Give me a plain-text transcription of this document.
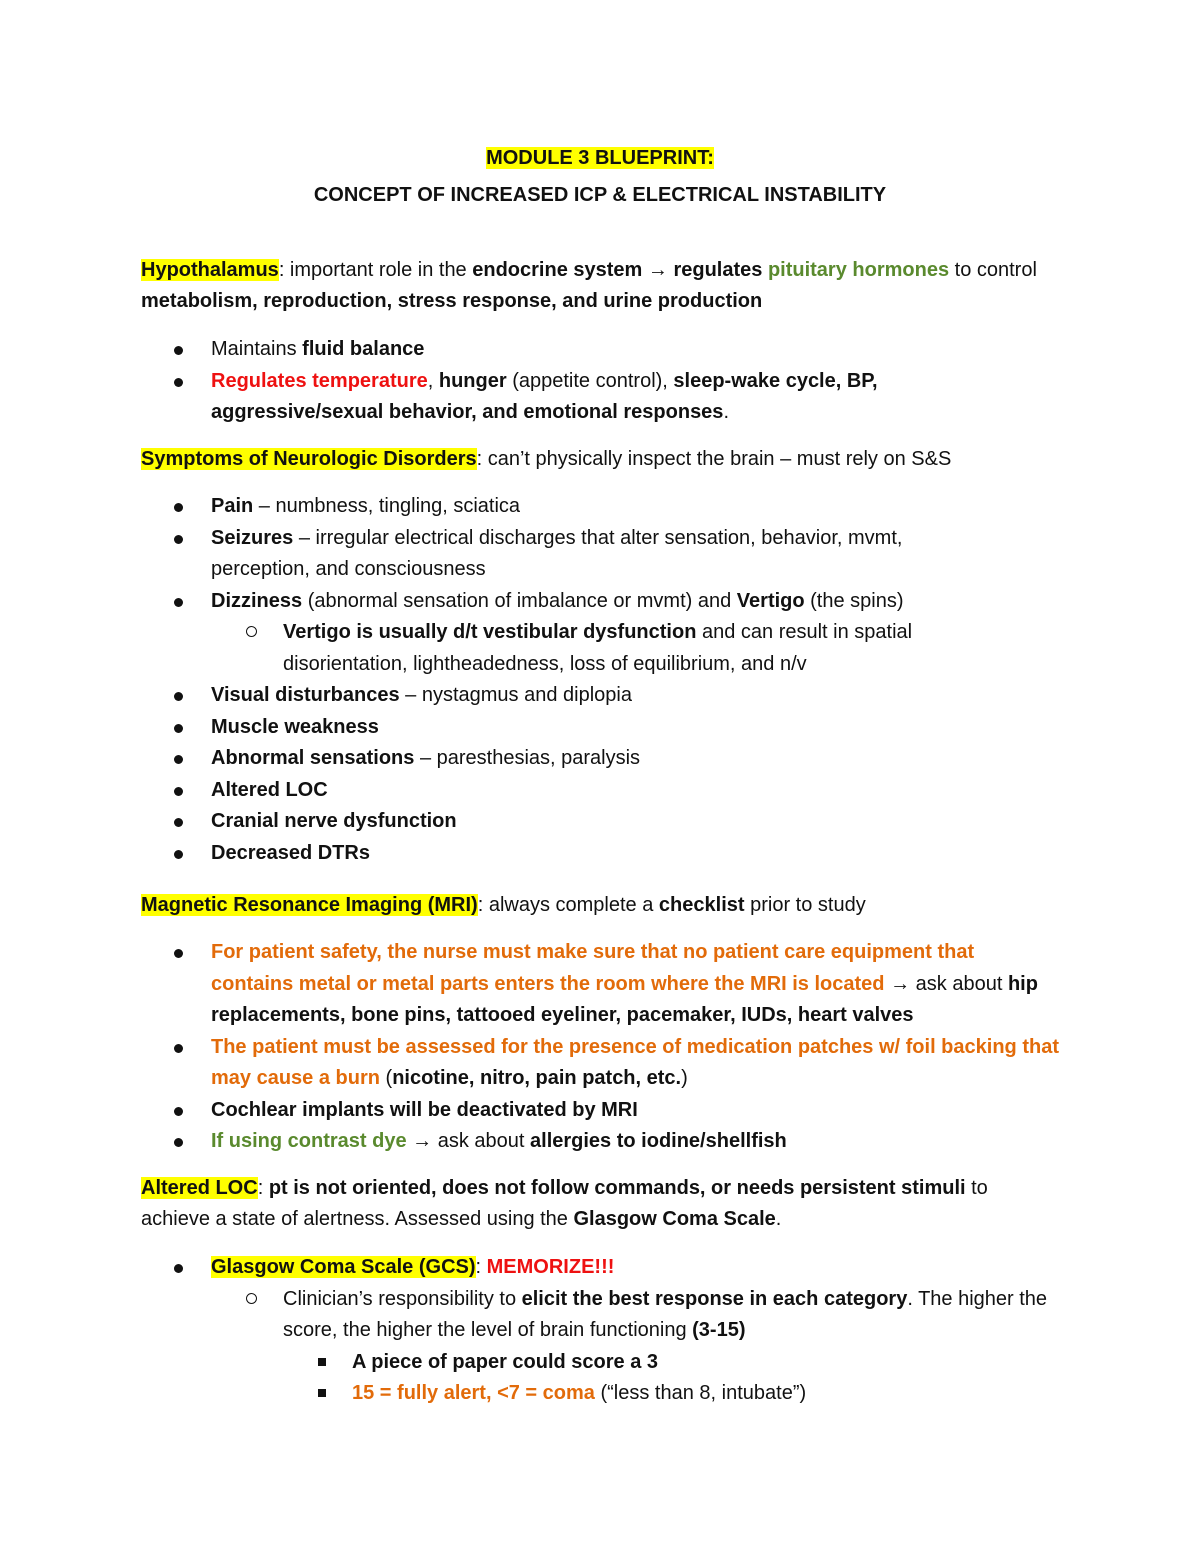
MODULE 3 BLUEPRINT:
CONCEPT OF INCREASED ICP & ELECTRICAL INSTABILITY

Hypothalamus: important role in the endocrine system → regulates pituitary hormones to control metabolism, reproduction, stress response, and urine production

Maintains fluid balance
Regulates temperature, hunger (appetite control), sleep-wake cycle, BP, aggressive/sexual behavior, and emotional responses.

Symptoms of Neurologic Disorders: can’t physically inspect the brain – must rely on S&S

Pain – numbness, tingling, sciatica
Seizures – irregular electrical discharges that alter sensation, behavior, mvmt, perception, and consciousness
Dizziness (abnormal sensation of imbalance or mvmt) and Vertigo (the spins)
Vertigo is usually d/t vestibular dysfunction and can result in spatial disorientation, lightheadedness, loss of equilibrium, and n/v
Visual disturbances – nystagmus and diplopia
Muscle weakness
Abnormal sensations – paresthesias, paralysis
Altered LOC
Cranial nerve dysfunction
Decreased DTRs

Magnetic Resonance Imaging (MRI): always complete a checklist prior to study

For patient safety, the nurse must make sure that no patient care equipment that contains metal or metal parts enters the room where the MRI is located → ask about hip replacements, bone pins, tattooed eyeliner, pacemaker, IUDs, heart valves
The patient must be assessed for the presence of medication patches w/ foil backing that may cause a burn (nicotine, nitro, pain patch, etc.)
Cochlear implants will be deactivated by MRI
If using contrast dye → ask about allergies to iodine/shellfish

Altered LOC: pt is not oriented, does not follow commands, or needs persistent stimuli to achieve a state of alertness. Assessed using the Glasgow Coma Scale.

Glasgow Coma Scale (GCS): MEMORIZE!!!
Clinician’s responsibility to elicit the best response in each category. The higher the score, the higher the level of brain functioning (3-15)
A piece of paper could score a 3
15 = fully alert, <7 = coma (“less than 8, intubate”)
